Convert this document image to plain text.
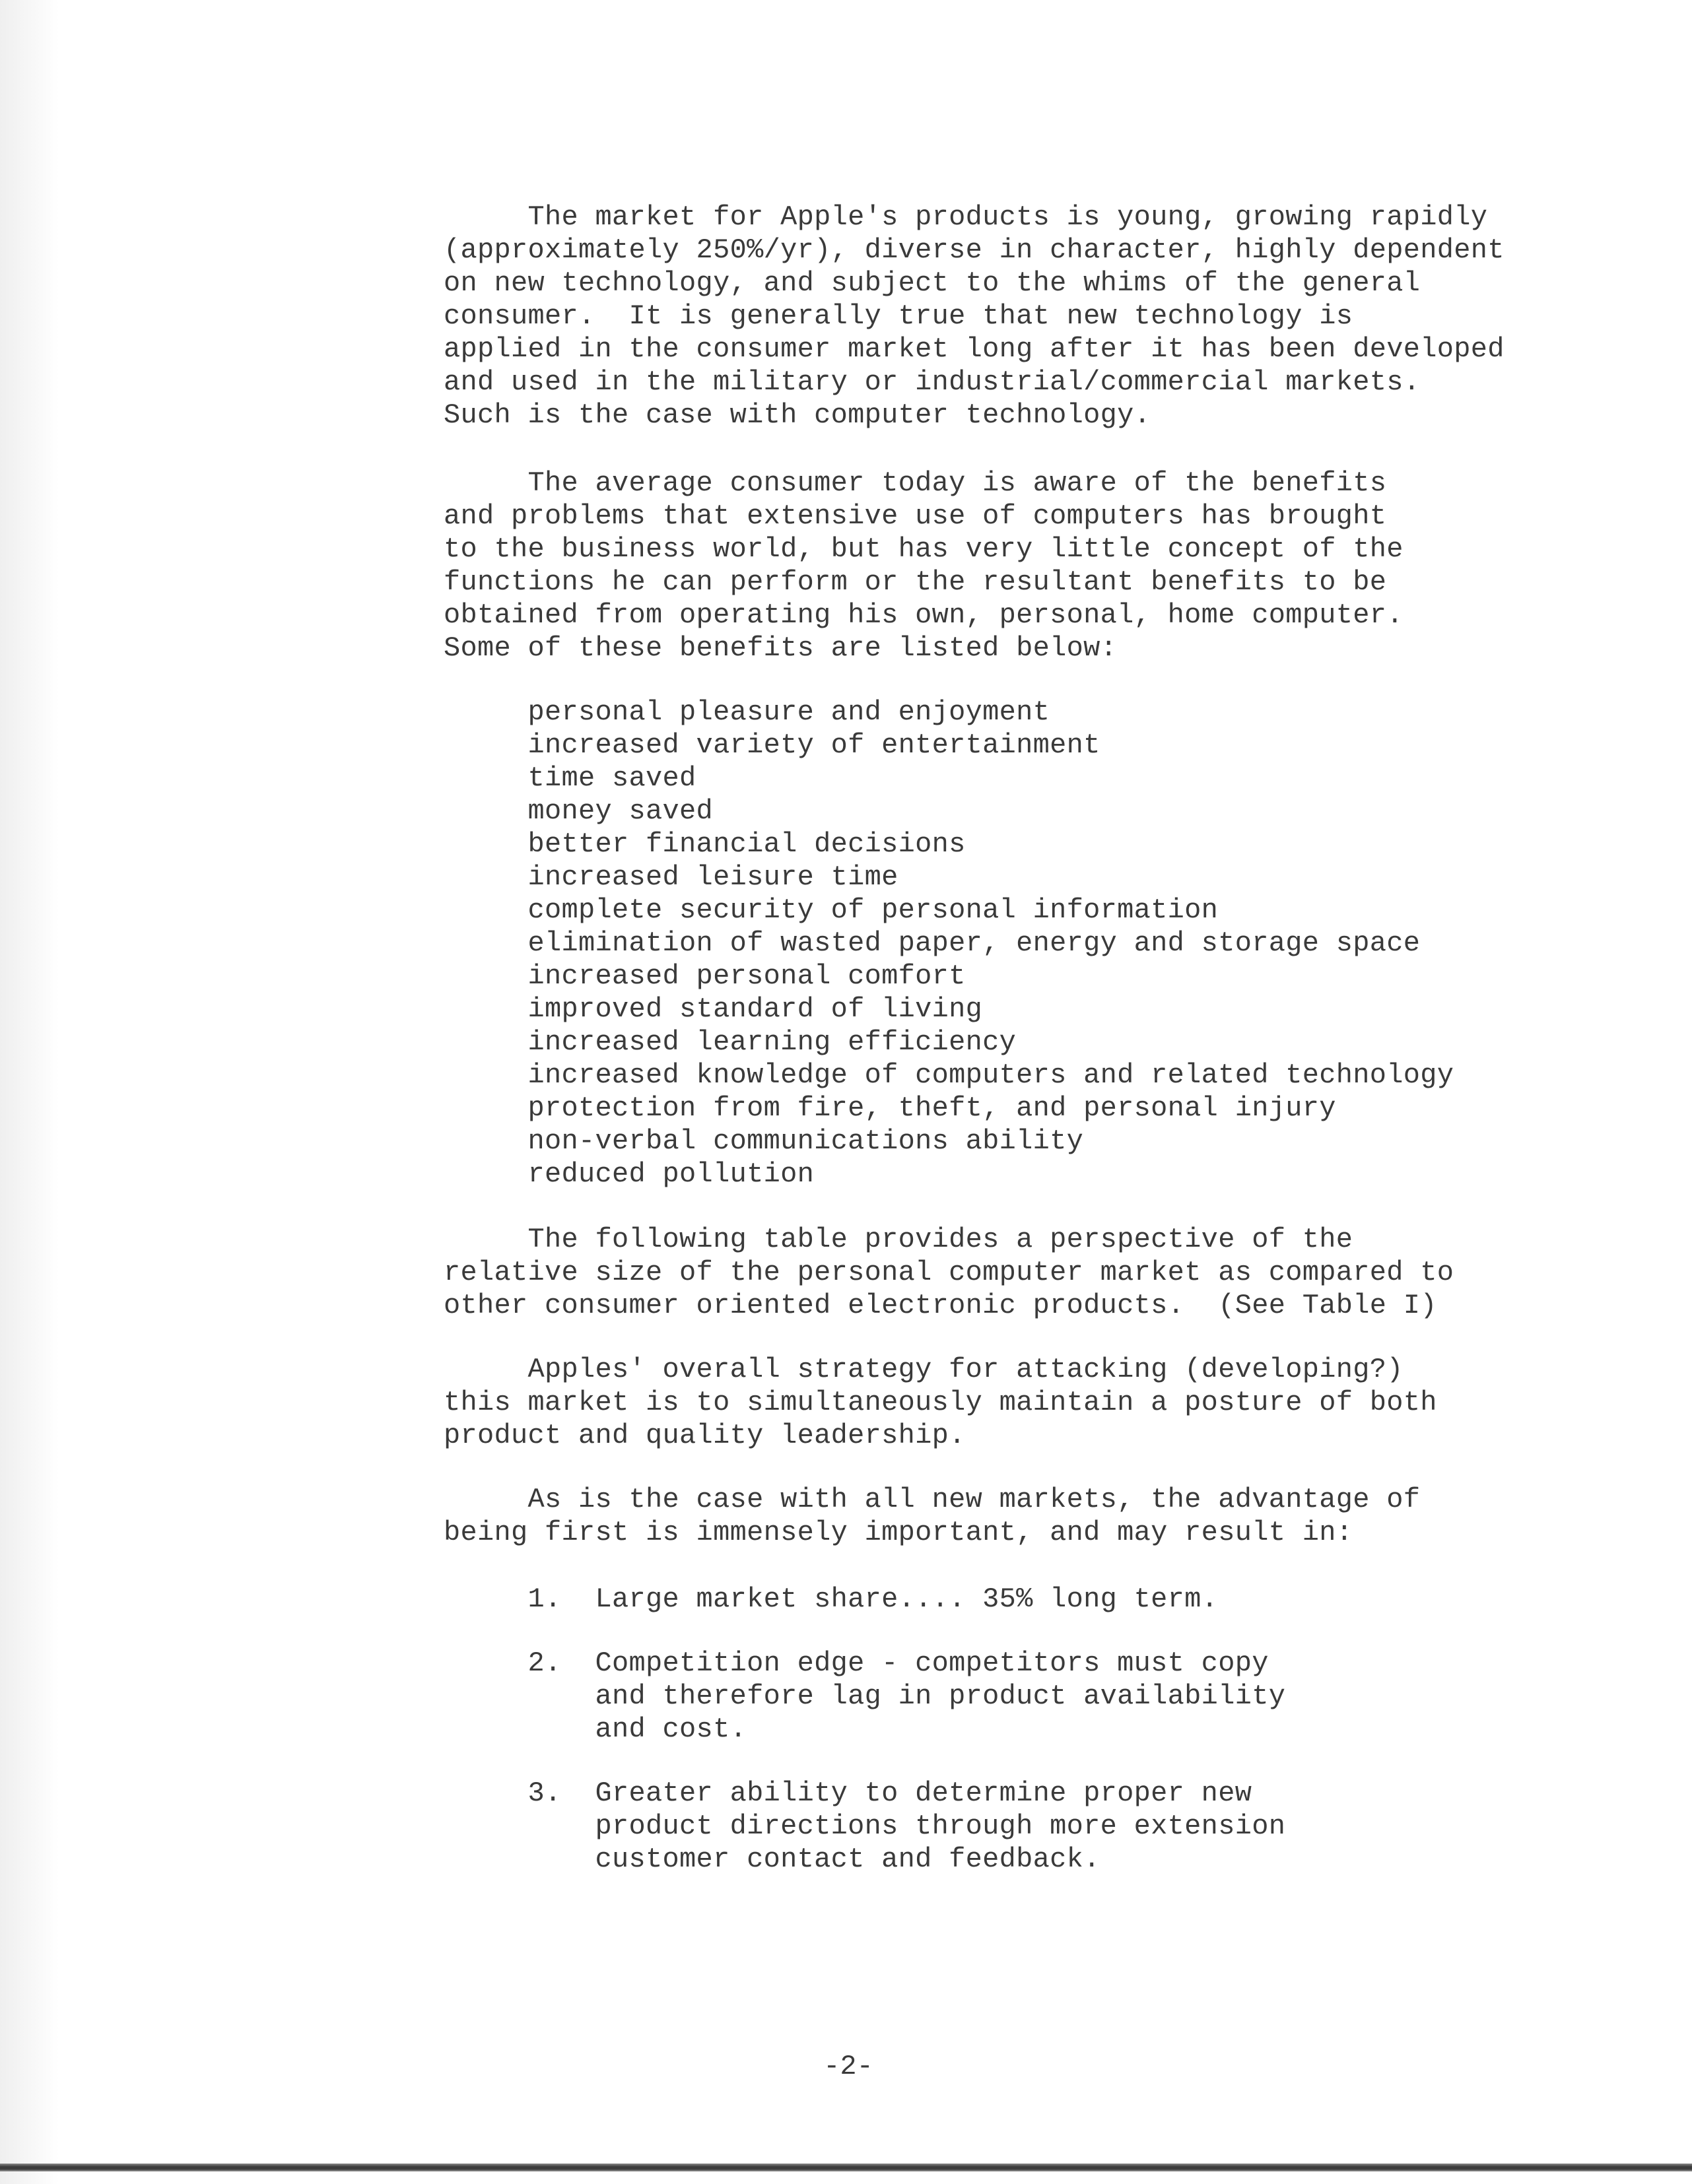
The market for Apple's products is young, growing rapidly
(approximately 250%/yr), diverse in character, highly dependent
on new technology, and subject to the whims of the general
consumer.  It is generally true that new technology is
applied in the consumer market long after it has been developed
and used in the military or industrial/commercial markets.
Such is the case with computer technology.
The average consumer today is aware of the benefits
and problems that extensive use of computers has brought
to the business world, but has very little concept of the
functions he can perform or the resultant benefits to be
obtained from operating his own, personal, home computer.
Some of these benefits are listed below:
personal pleasure and enjoyment
increased variety of entertainment
time saved
money saved
better financial decisions
increased leisure time
complete security of personal information
elimination of wasted paper, energy and storage space
increased personal comfort
improved standard of living
increased learning efficiency
increased knowledge of computers and related technology
protection from fire, theft, and personal injury
non-verbal communications ability
reduced pollution
The following table provides a perspective of the
relative size of the personal computer market as compared to
other consumer oriented electronic products.  (See Table I)
Apples' overall strategy for attacking (developing?)
this market is to simultaneously maintain a posture of both
product and quality leadership.
As is the case with all new markets, the advantage of
being first is immensely important, and may result in:
1.  Large market share.... 35% long term.
2.  Competition edge - competitors must copy
and therefore lag in product availability
and cost.
3.  Greater ability to determine proper new
product directions through more extension
customer contact and feedback.
-2-
